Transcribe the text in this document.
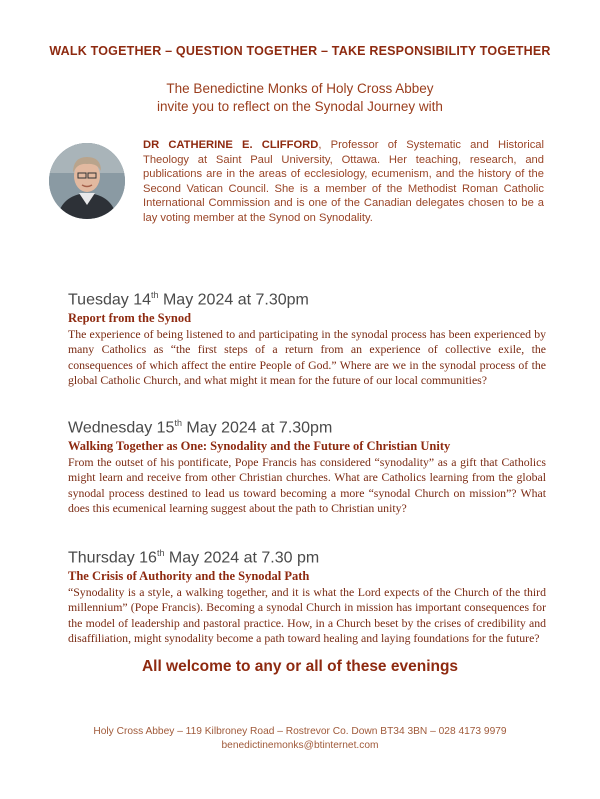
WALK TOGETHER – QUESTION TOGETHER – TAKE RESPONSIBILITY TOGETHER
The Benedictine Monks of Holy Cross Abbey
invite you to reflect on the Synodal Journey with
DR CATHERINE E. CLIFFORD, Professor of Systematic and Historical Theology at Saint Paul University, Ottawa. Her teaching, research, and publications are in the areas of ecclesiology, ecumenism, and the history of the Second Vatican Council. She is a member of the Methodist Roman Catholic International Commission and is one of the Canadian delegates chosen to be a lay voting member at the Synod on Synodality.

Tuesday 14th May 2024 at 7.30pm

Report from the Synod

The experience of being listened to and participating in the synodal process has been experienced by many Catholics as “the first steps of a return from an experience of collective exile, the consequences of which affect the entire People of God.” Where are we in the synodal process of the global Catholic Church, and what might it mean for the future of our local communities?

Wednesday 15th May 2024 at 7.30pm

Walking Together as One: Synodality and the Future of Christian Unity

From the outset of his pontificate, Pope Francis has considered “synodality” as a gift that Catholics might learn and receive from other Christian churches. What are Catholics learning from the global synodal process destined to lead us toward becoming a more “synodal Church on mission”? What does this ecumenical learning suggest about the path to Christian unity?

Thursday 16th May 2024 at 7.30 pm

The Crisis of Authority and the Synodal Path

“Synodality is a style, a walking together, and it is what the Lord expects of the Church of the third millennium” (Pope Francis). Becoming a synodal Church in mission has important consequences for the model of leadership and pastoral practice. How, in a Church beset by the crises of credibility and disaffiliation, might synodality become a path toward healing and laying foundations for the future?

All welcome to any or all of these evenings
Holy Cross Abbey – 119 Kilbroney Road – Rostrevor Co. Down BT34 3BN – 028 4173 9979
benedictinemonks@btinternet.com
